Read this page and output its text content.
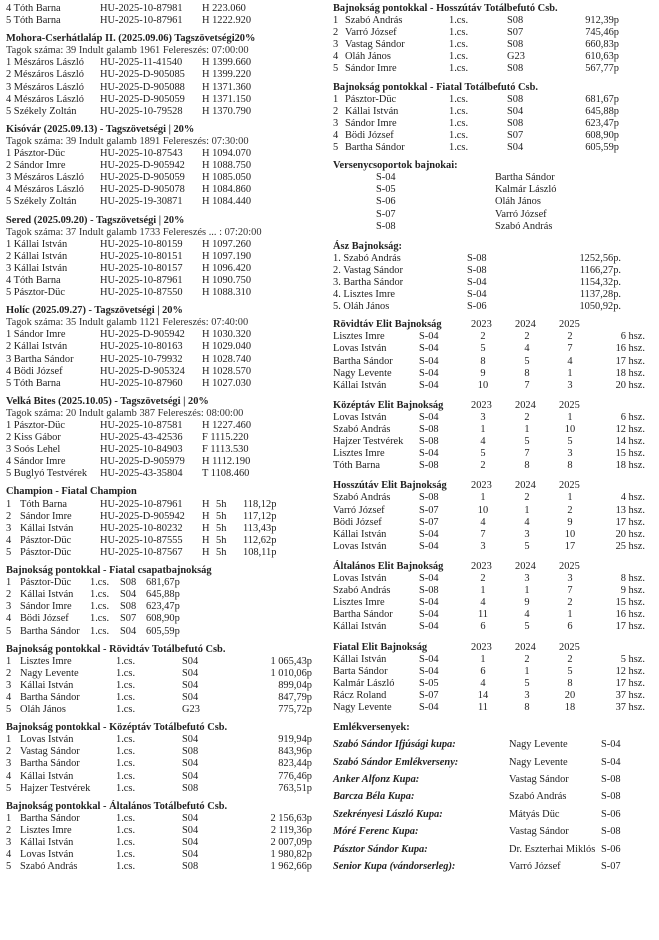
4 Tóth Barna	HU-2025-10-87981 H 223.060
5 Tóth Barna	HU-2025-10-87961 H 1222.920
Mohora-Cserhátlaláp II. (2025.09.06) Tagszövetségi20%
Tagok száma: 39 Indult galamb 1961 Felereszés: 07:00:00
1 Mészáros László HU-2025-11-41540 H 1399.660
2 Mészáros László HU-2025-D-905085 H 1399.220
3 Mészáros László HU-2025-D-905088 H 1371.360
4 Mészáros László HU-2025-D-905059 H 1371.150
5 Székely Zoltán HU-2025-10-79528 H 1370.790
Kisóvár (2025.09.13) - Tagszövetségi | 20%
Tagok száma: 39 Indult galamb 1891 Felereszés: 07:30:00
1 Pásztor-Düc	HU-2025-10-87543 H 1094.070
2 Sándor Imre	HU-2025-D-905942 H 1088.750
3 Mészáros László HU-2025-D-905059 H 1085.050
4 Mészáros László HU-2025-D-905078 H 1084.860
5 Székely Zoltán HU-2025-19-30871 H 1084.440
Sered (2025.09.20) - Tagszövetségi | 20%
Tagok száma: 37 Indult galamb 1733 Felereszés ... : 07:20:00
1 Kállai István	HU-2025-10-80159 H 1097.260
2 Kállai István	HU-2025-10-80151 H 1097.190
3 Kállai István	HU-2025-10-80157 H 1096.420
4 Tóth Barna	HU-2025-10-87961 H 1090.750
5 Pásztor-Düc	HU-2025-10-87550 H 1088.310
Holíc (2025.09.27) - Tagszövetségi | 20%
Tagok száma: 35 Indult galamb 1121 Felereszés: 07:40:00
1 Sándor Imre	HU-2025-D-905942 H 1030.320
2 Kállai István	HU-2025-10-80163 H 1029.040
3 Bartha Sándor	HU-2025-10-79932 H 1028.740
4 Bödi József	HU-2025-D-905324 H 1028.570
5 Tóth Barna	HU-2025-10-87960 H 1027.030
Velká Bites (2025.10.05) - Tagszövetségi | 20%
Tagok száma: 20 Indult galamb 387 Felereszés: 08:00:00
1 Pásztor-Düc	HU-2025-10-87581 H 1227.460
2 Kiss Gábor	HU-2025-43-42536 F 1115.220
3 Soós Lehel	HU-2025-10-84903 F 1113.530
4 Sándor Imre	HU-2025-D-905979 H 1112.190
5 Buglyó Testvérek HU-2025-43-35804 T 1108.460
Champion - Fiatal Champion
1 Tóth Barna	HU-2025-10-87961 H 5h 118,12p
2 Sándor Imre	HU-2025-D-905942 H 5h 117,12p
3 Kállai István	HU-2025-10-80232 H 5h 113,43p
4 Pásztor-Düc	HU-2025-10-87555 H 5h 112,62p
5 Pásztor-Düc	HU-2025-10-87567 H 5h 108,11p
Bajnokság pontokkal - Fiatal csapatbajnokság
1 Pásztor-Düc 1.cs. S08 681,67p
2 Kállai István 1.cs. S04 645,88p
3 Sándor Imre 1.cs. S08 623,47p
4 Bödi József 1.cs. S07 608,90p
5 Bartha Sándor 1.cs. S04 605,59p
Bajnokság pontokkal - Rövidtáv Totálbefutó Csb.
1 Lisztes Imre	1.cs.	S04	1 065,43p
2 Nagy Levente	1.cs.	S04	1 010,06p
3 Kállai István	1.cs.	S04	899,04p
4 Bartha Sándor	1.cs.	S04	847,79p
5 Oláh János	1.cs.	G23	775,72p
Bajnokság pontokkal - Középtáv Totálbefutó Csb.
1 Lovas István	1.cs.	S04	919,94p
2 Vastag Sándor	1.cs.	S08	843,96p
3 Bartha Sándor	1.cs.	S04	823,44p
4 Kállai István	1.cs.	S04	776,46p
5 Hajzer Testvérek 1.cs.	S08	763,51p
Bajnokság pontokkal - Általános Totálbefutó Csb.
1 Bartha Sándor	1.cs.	S04	2 156,63p
2 Lisztes Imre	1.cs.	S04	2 119,36p
3 Kállai István	1.cs.	S04	2 007,09p
4 Lovas István	1.cs.	S04	1 980,82p
5 Szabó András	1.cs.	S08	1 962,66p
Bajnokság pontokkal - Hosszútáv Totálbefutó Csb.
1 Szabó András	1.cs.	S08	912,39p
2 Varró József	1.cs.	S07	745,46p
3 Vastag Sándor	1.cs.	S08	660,83p
4 Oláh János	1.cs.	G23	610,63p
5 Sándor Imre	1.cs.	S08	567,77p
Bajnokság pontokkal - Fiatal Totálbefutó Csb.
1 Pásztor-Düc	1.cs.	S08	681,67p
2 Kállai István	1.cs.	S04	645,88p
3 Sándor Imre	1.cs.	S08	623,47p
4 Bödi József	1.cs.	S07	608,90p
5 Bartha Sándor	1.cs.	S04	605,59p
Versenycsoportok bajnokai:
S-04	Bartha Sándor
S-05	Kalmár László
S-06	Oláh János
S-07	Varró József
S-08	Szabó András
Ász Bajnokság:
1. Szabó András	S-08	1252,56p.
2. Vastag Sándor	S-08	1166,27p.
3. Bartha Sándor	S-04	1154,32p.
4. Lisztes Imre	S-04	1137,28p.
5. Oláh János	S-06	1050,92p.
Rövidtáv Elit Bajnokság	2023 2024 2025
Lisztes Imre	S-04	2	2	2	6 hsz.
Lovas István	S-04	5	4	7	16 hsz.
Bartha Sándor	S-04	8	5	4	17 hsz.
Nagy Levente	S-04	9	8	1	18 hsz.
Kállai István	S-04	10	7	3	20 hsz.
Középtáv Elit Bajnokság	2023 2024 2025
Lovas István	S-04	3	2	1	6 hsz.
Szabó András	S-08	1	1	10	12 hsz.
Hajzer Testvérek S-08	4	5	5	14 hsz.
Lisztes Imre	S-04	5	7	3	15 hsz.
Tóth Barna	S-08	2	8	8	18 hsz.
Hosszútáv Elit Bajnokság 2023 2024 2025
Szabó András	S-08	1	2	1	4 hsz.
Varró József	S-07	10	1	2	13 hsz.
Bödi József	S-07	4	4	9	17 hsz.
Kállai István	S-04	7	3	10	20 hsz.
Lovas István	S-04	3	5	17	25 hsz.
Általános Elit Bajnokság	2023 2024 2025
Lovas István	S-04	2	3	3	8 hsz.
Szabó András	S-08	1	1	7	9 hsz.
Lisztes Imre	S-04	4	9	2	15 hsz.
Bartha Sándor	S-04	11	4	1	16 hsz.
Kállai István	S-04	6	5	6	17 hsz.
Fiatal Elit Bajnokság	2023 2024 2025
Kállai István	S-04	1	2	2	5 hsz.
Barta Sándor	S-04	6	1	5	12 hsz.
Kalmár László S-05	4	5	8	17 hsz.
Rácz Roland	S-07	14	3	20	37 hsz.
Nagy Levente	S-04	11	8	18	37 hsz.
Emlékversenyek:
Szabó Sándor Ifjúsági kupa:	Nagy Levente	S-04
Szabó Sándor Emlékverseny:	Nagy Levente	S-04
Anker Alfonz Kupa:	Vastag Sándor	S-08
Barcza Béla Kupa:	Szabó András	S-08
Szekrényesi László Kupa:	Mátyás Düc	S-06
Móré Ferenc Kupa:	Vastag Sándor	S-08
Pásztor Sándor Kupa:	Dr. Eszterhai Miklós S-06
Senior Kupa (vándorserleg):	Varró József	S-07
